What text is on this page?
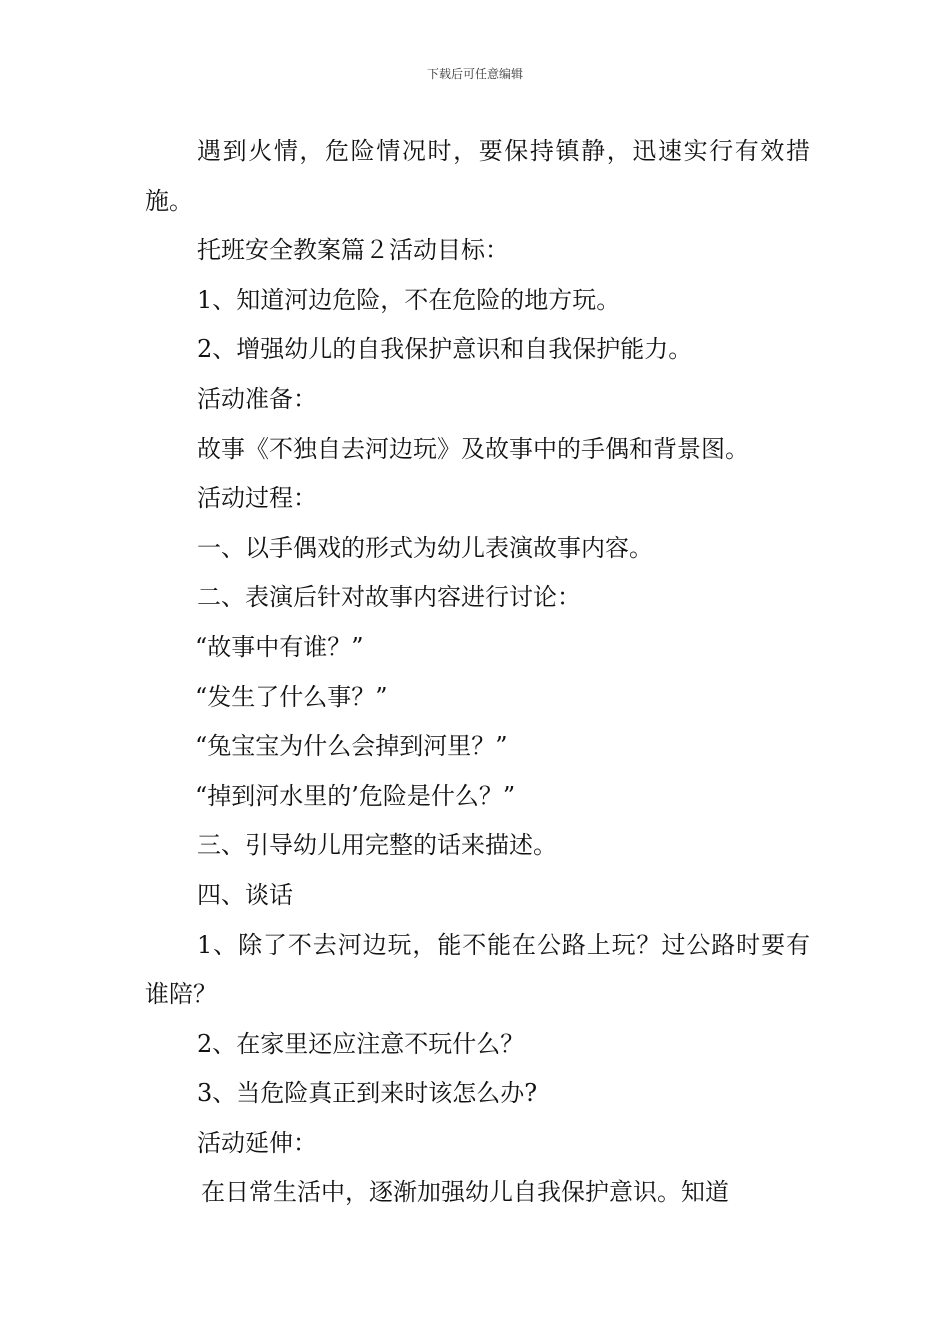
下载后可任意编辑

遇到火情，危险情况时，要保持镇静，迅速实行有效措施。

托班安全教案篇２活动目标：

1、知道河边危险，不在危险的地方玩。

2、增强幼儿的自我保护意识和自我保护能力。

活动准备：

故事《不独自去河边玩》及故事中的手偶和背景图。

活动过程：

一、以手偶戏的形式为幼儿表演故事内容。

二、表演后针对故事内容进行讨论：

“故事中有谁？”

“发生了什么事？”

“兔宝宝为什么会掉到河里？”

“掉到河水里的’危险是什么？”

三、引导幼儿用完整的话来描述。

四、谈话

1、除了不去河边玩，能不能在公路上玩？过公路时要有谁陪？

2、在家里还应注意不玩什么？

3、当危险真正到来时该怎么办?

活动延伸：

在日常生活中，逐渐加强幼儿自我保护意识。知道
